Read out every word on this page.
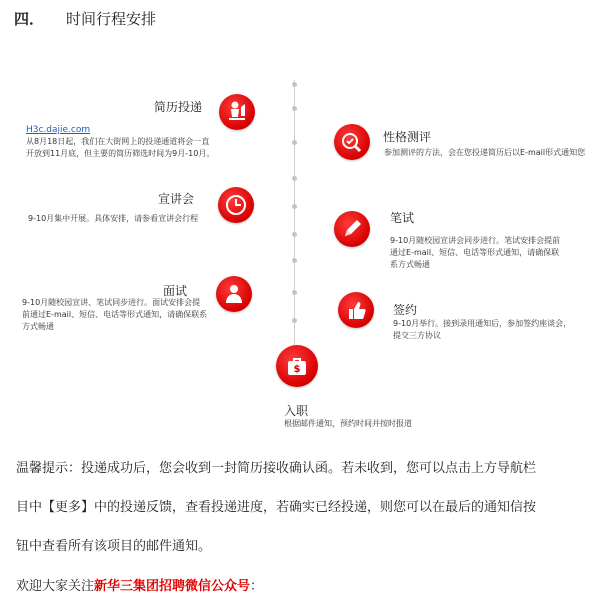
四． 时间行程安排
简历投递
H3c.dajie.com
从8月18日起，我们在大街网上的投递通道将会一直
开放到11月底，但主要的简历筛选时间为9月-10月。
性格测评
参加测评的方法，会在您投递简历后以E-mail形式通知您
宣讲会
9-10月集中开展。具体安排，请参看宣讲会行程	笔试
9-10月随校园宣讲会同步进行。笔试安排会提前
通过E-mail、短信、电话等形式通知，请确保联
系方式畅通
面试
9-10月随校园宣讲、笔试同步进行。面试安排会提
前通过E-mail、短信、电话等形式通知，请确保联系
方式畅通
签约
9-10月举行。接到录用通知后，参加签约座谈会，
提交三方协议
$
入职
根据邮件通知，预约时间并按时报道
温馨提示：投递成功后，您会收到一封简历接收确认函。若未收到，您可以点击上方导航栏
目中【更多】中的投递反馈，查看投递进度，若确实已经投递，则您可以在最后的通知信按
钮中查看所有该项目的邮件通知。
欢迎大家关注新华三集团招聘微信公众号：
